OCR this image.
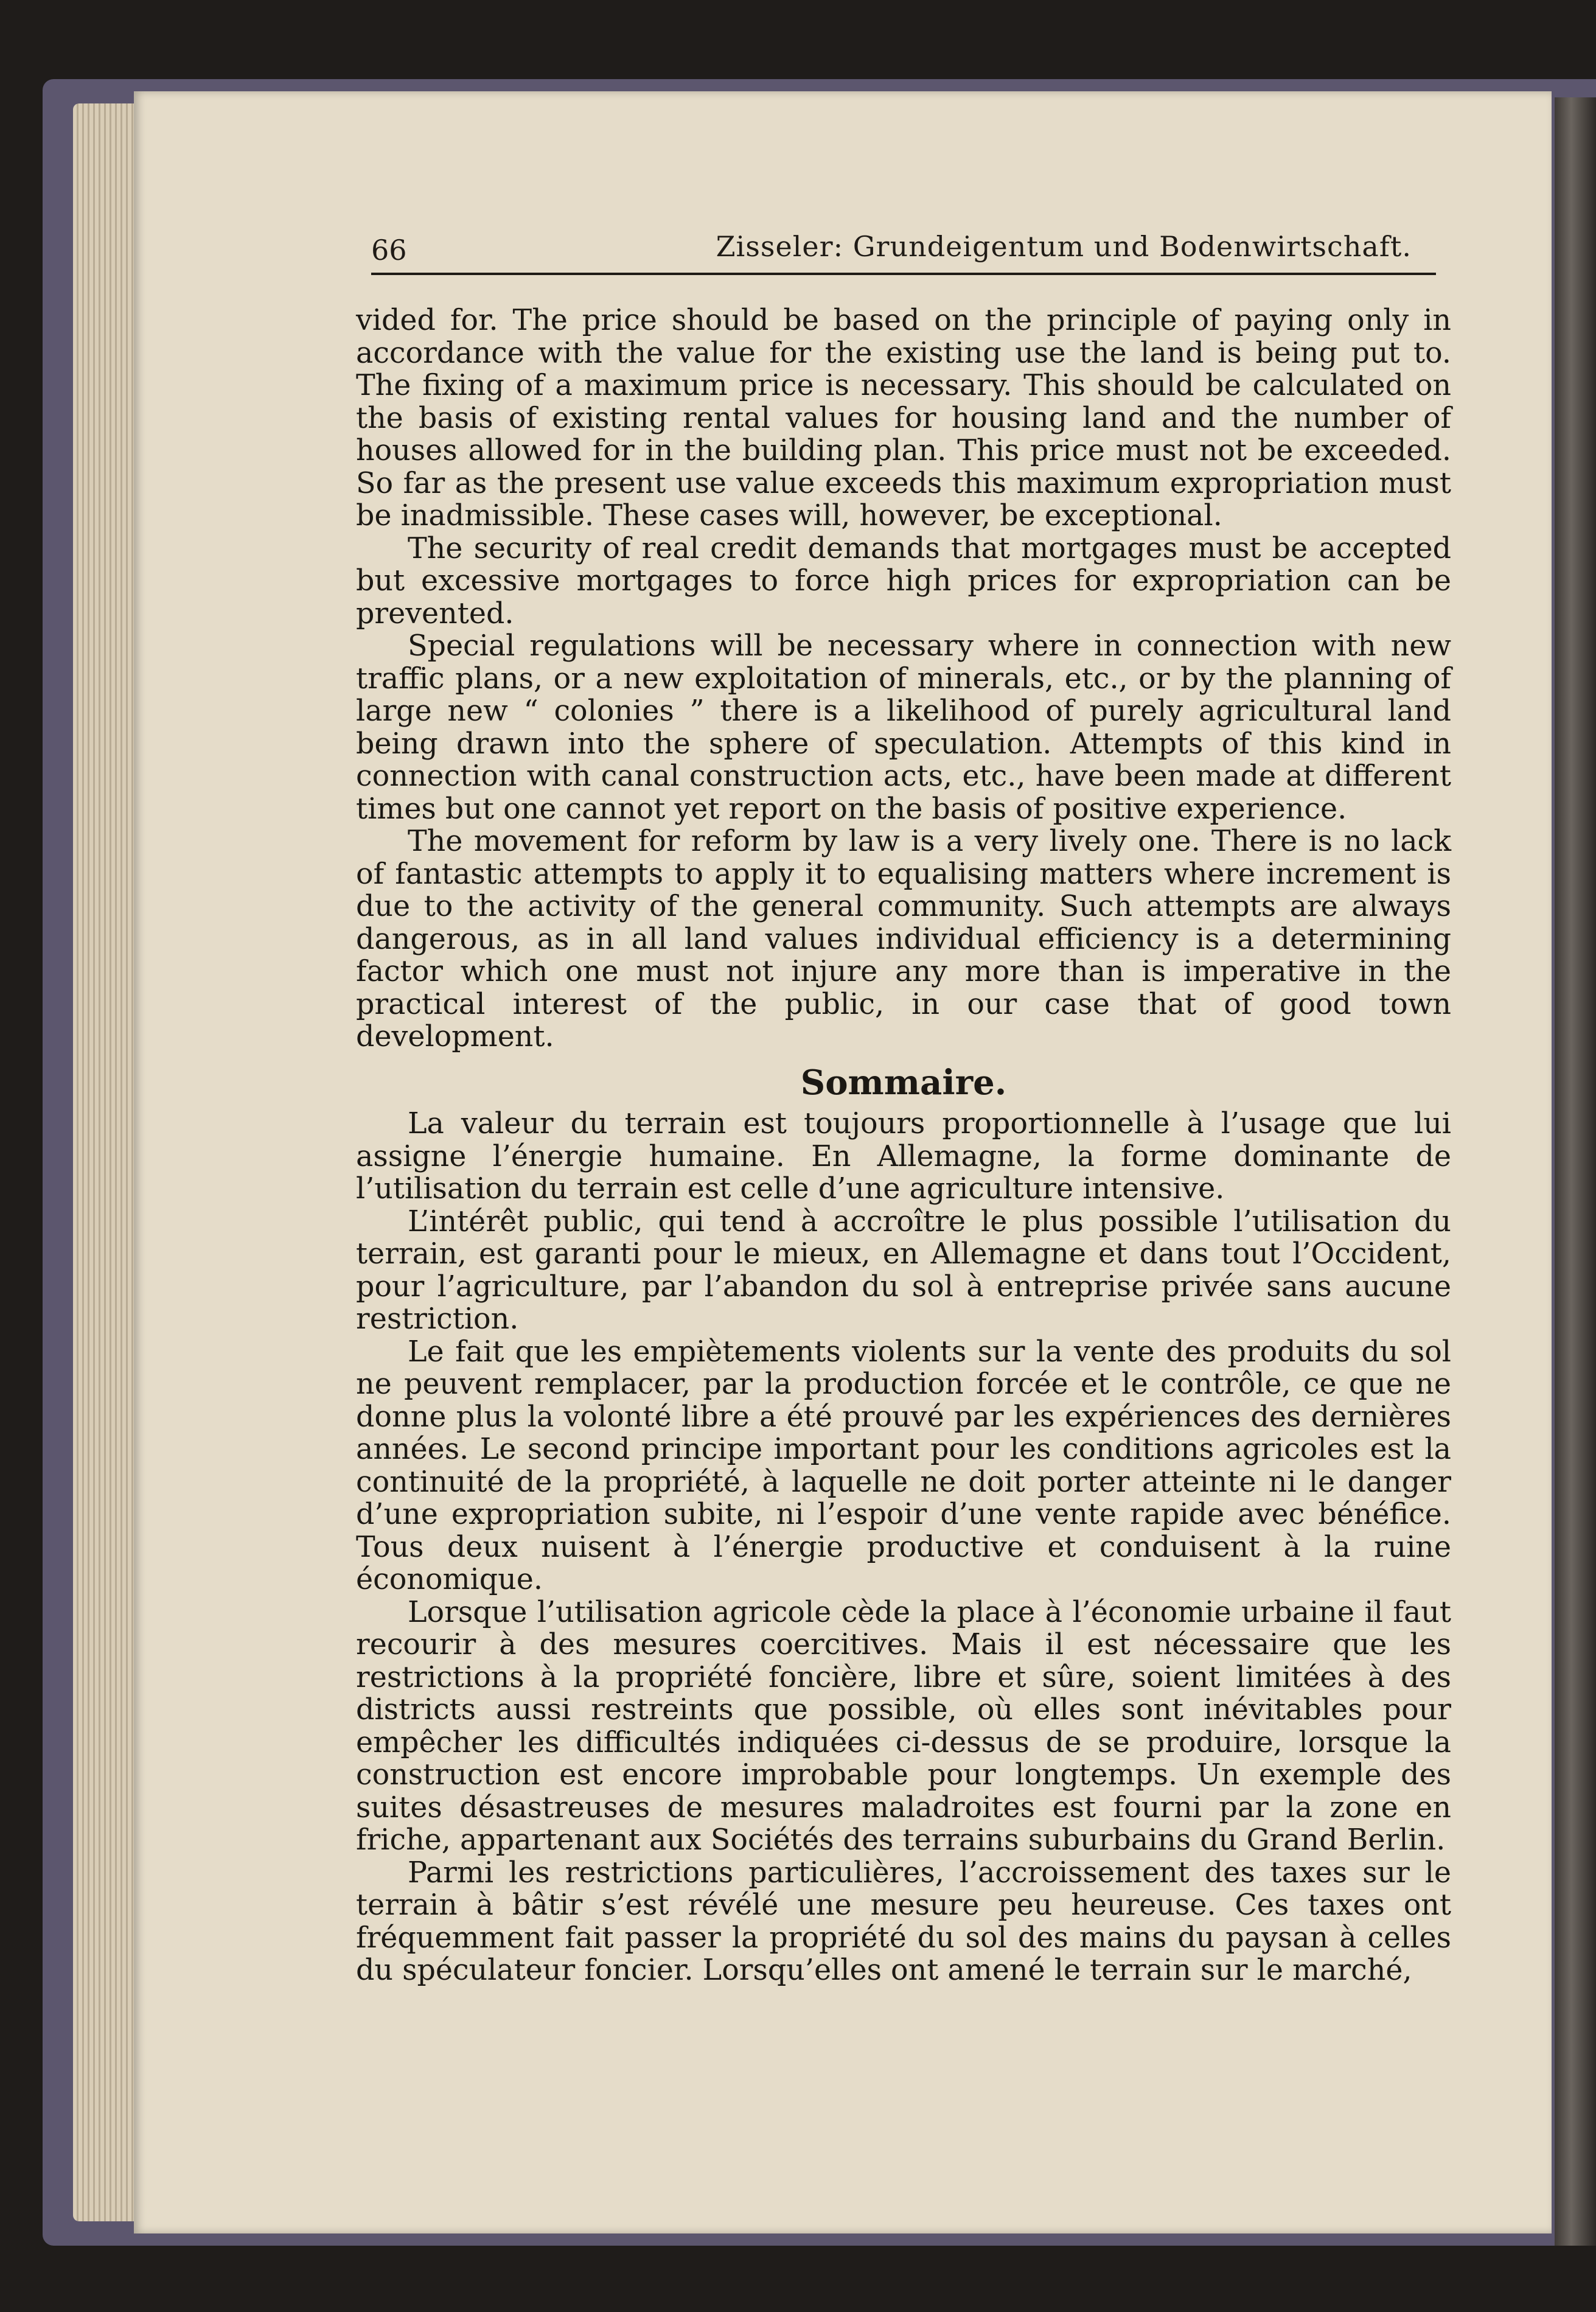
66	Zisseler: Grundeigentum und Bodenwirtschaft.

vided for. The price should be based on the principle of paying only in accordance with the value for the existing use the land is being put to. The fixing of a maximum price is necessary. This should be calculated on the basis of existing rental values for housing land and the number of houses allowed for in the building plan. This price must not be exceeded. So far as the present use value exceeds this maximum expropriation must be inadmissible. These cases will, however, be exceptional.

The security of real credit demands that mortgages must be accepted but excessive mortgages to force high prices for expropriation can be prevented.

Special regulations will be necessary where in connection with new traffic plans, or a new exploitation of minerals, etc., or by the planning of large new “ colonies ” there is a likelihood of purely agricultural land being drawn into the sphere of speculation. Attempts of this kind in connection with canal construction acts, etc., have been made at different times but one cannot yet report on the basis of positive experience.

The movement for reform by law is a very lively one. There is no lack of fantastic attempts to apply it to equalising matters where increment is due to the activity of the general community. Such attempts are always dangerous, as in all land values individual efficiency is a determining factor which one must not injure any more than is imperative in the practical interest of the public, in our case that of good town development.

Sommaire.

La valeur du terrain est toujours proportionnelle à l’usage que lui assigne l’énergie humaine. En Allemagne, la forme dominante de l’utilisation du terrain est celle d’une agriculture intensive.

L’intérêt public, qui tend à accroître le plus possible l’utilisation du terrain, est garanti pour le mieux, en Allemagne et dans tout l’Occident, pour l’agriculture, par l’abandon du sol à entreprise privée sans aucune restriction.

Le fait que les empiètements violents sur la vente des produits du sol ne peuvent remplacer, par la production forcée et le contrôle, ce que ne donne plus la volonté libre a été prouvé par les expériences des dernières années. Le second principe important pour les conditions agricoles est la continuité de la propriété, à laquelle ne doit porter atteinte ni le danger d’une expropriation subite, ni l’espoir d’une vente rapide avec bénéfice. Tous deux nuisent à l’énergie productive et conduisent à la ruine économique.

Lorsque l’utilisation agricole cède la place à l’économie urbaine il faut recourir à des mesures coercitives. Mais il est nécessaire que les restrictions à la propriété foncière, libre et sûre, soient limitées à des districts aussi restreints que possible, où elles sont inévitables pour empêcher les difficultés indiquées ci-dessus de se produire, lorsque la construction est encore improbable pour longtemps. Un exemple des suites désastreuses de mesures maladroites est fourni par la zone en friche, appartenant aux Sociétés des terrains suburbains du Grand Berlin.

Parmi les restrictions particulières, l’accroissement des taxes sur le terrain à bâtir s’est révélé une mesure peu heureuse. Ces taxes ont fréquemment fait passer la propriété du sol des mains du paysan à celles du spéculateur foncier. Lorsqu’elles ont amené le terrain sur le marché,
